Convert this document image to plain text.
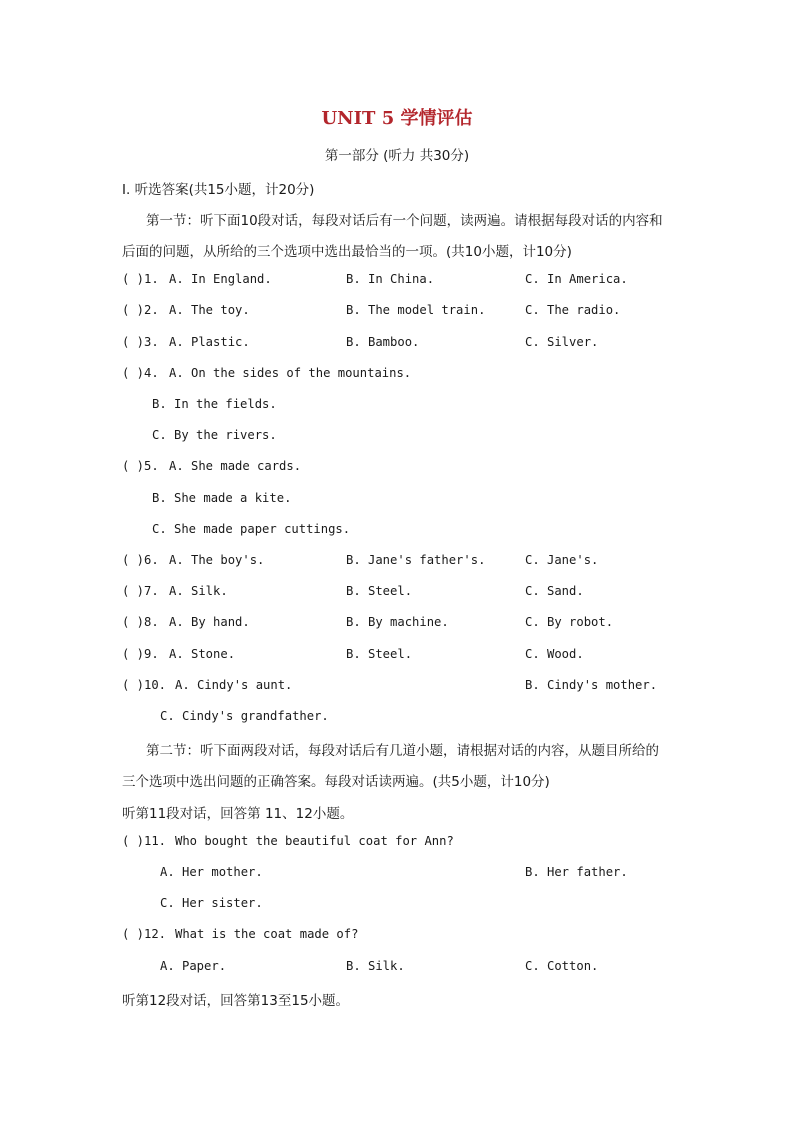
UNIT 5 学情评估
第一部分 (听力 共30分)
Ⅰ. 听选答案(共15小题，计20分)
第一节：听下面10段对话，每段对话后有一个问题，读两遍。请根据每段对话的内容和
后面的问题，从所给的三个选项中选出最恰当的一项。(共10小题，计10分)
( )1. A. In England.	B. In China.	C. In America.
( )2. A. The toy.	B. The model train.	C. The radio.
( )3. A. Plastic.	B. Bamboo.	C. Silver.
( )4. A. On the sides of the mountains.
B. In the fields.
C. By the rivers.
( )5. A. She made cards.
B. She made a kite.
C. She made paper cuttings.
( )6. A. The boy's.	B. Jane's father's.	C. Jane's.
( )7. A. Silk.	B. Steel.	C. Sand.
( )8. A. By hand.	B. By machine.	C. By robot.
( )9. A. Stone.	B. Steel.	C. Wood.
( )10. A. Cindy's aunt.	B. Cindy's mother.
C. Cindy's grandfather.
第二节：听下面两段对话，每段对话后有几道小题，请根据对话的内容，从题目所给的
三个选项中选出问题的正确答案。每段对话读两遍。(共5小题，计10分)
听第11段对话，回答第 11、12小题。
( )11. Who bought the beautiful coat for Ann?
A. Her mother.	B. Her father.
C. Her sister.
( )12. What is the coat made of?
A. Paper.	B. Silk.	C. Cotton.
听第12段对话，回答第13至15小题。
